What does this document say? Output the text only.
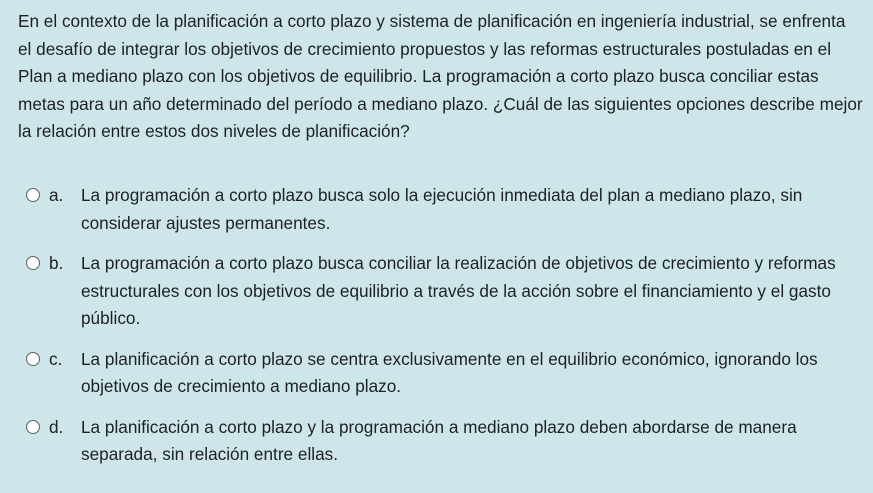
En el contexto de la planificación a corto plazo y sistema de planificación en ingeniería industrial, se enfrenta el desafío de integrar los objetivos de crecimiento propuestos y las reformas estructurales postuladas en el Plan a mediano plazo con los objetivos de equilibrio. La programación a corto plazo busca conciliar estas metas para un año determinado del período a mediano plazo. ¿Cuál de las siguientes opciones describe mejor la relación entre estos dos niveles de planificación?

a.	La programación a corto plazo busca solo la ejecución inmediata del plan a mediano plazo, sin considerar ajustes permanentes.
b.	La programación a corto plazo busca conciliar la realización de objetivos de crecimiento y reformas estructurales con los objetivos de equilibrio a través de la acción sobre el financiamiento y el gasto público.
c.	La planificación a corto plazo se centra exclusivamente en el equilibrio económico, ignorando los objetivos de crecimiento a mediano plazo.
d.	La planificación a corto plazo y la programación a mediano plazo deben abordarse de manera separada, sin relación entre ellas.
